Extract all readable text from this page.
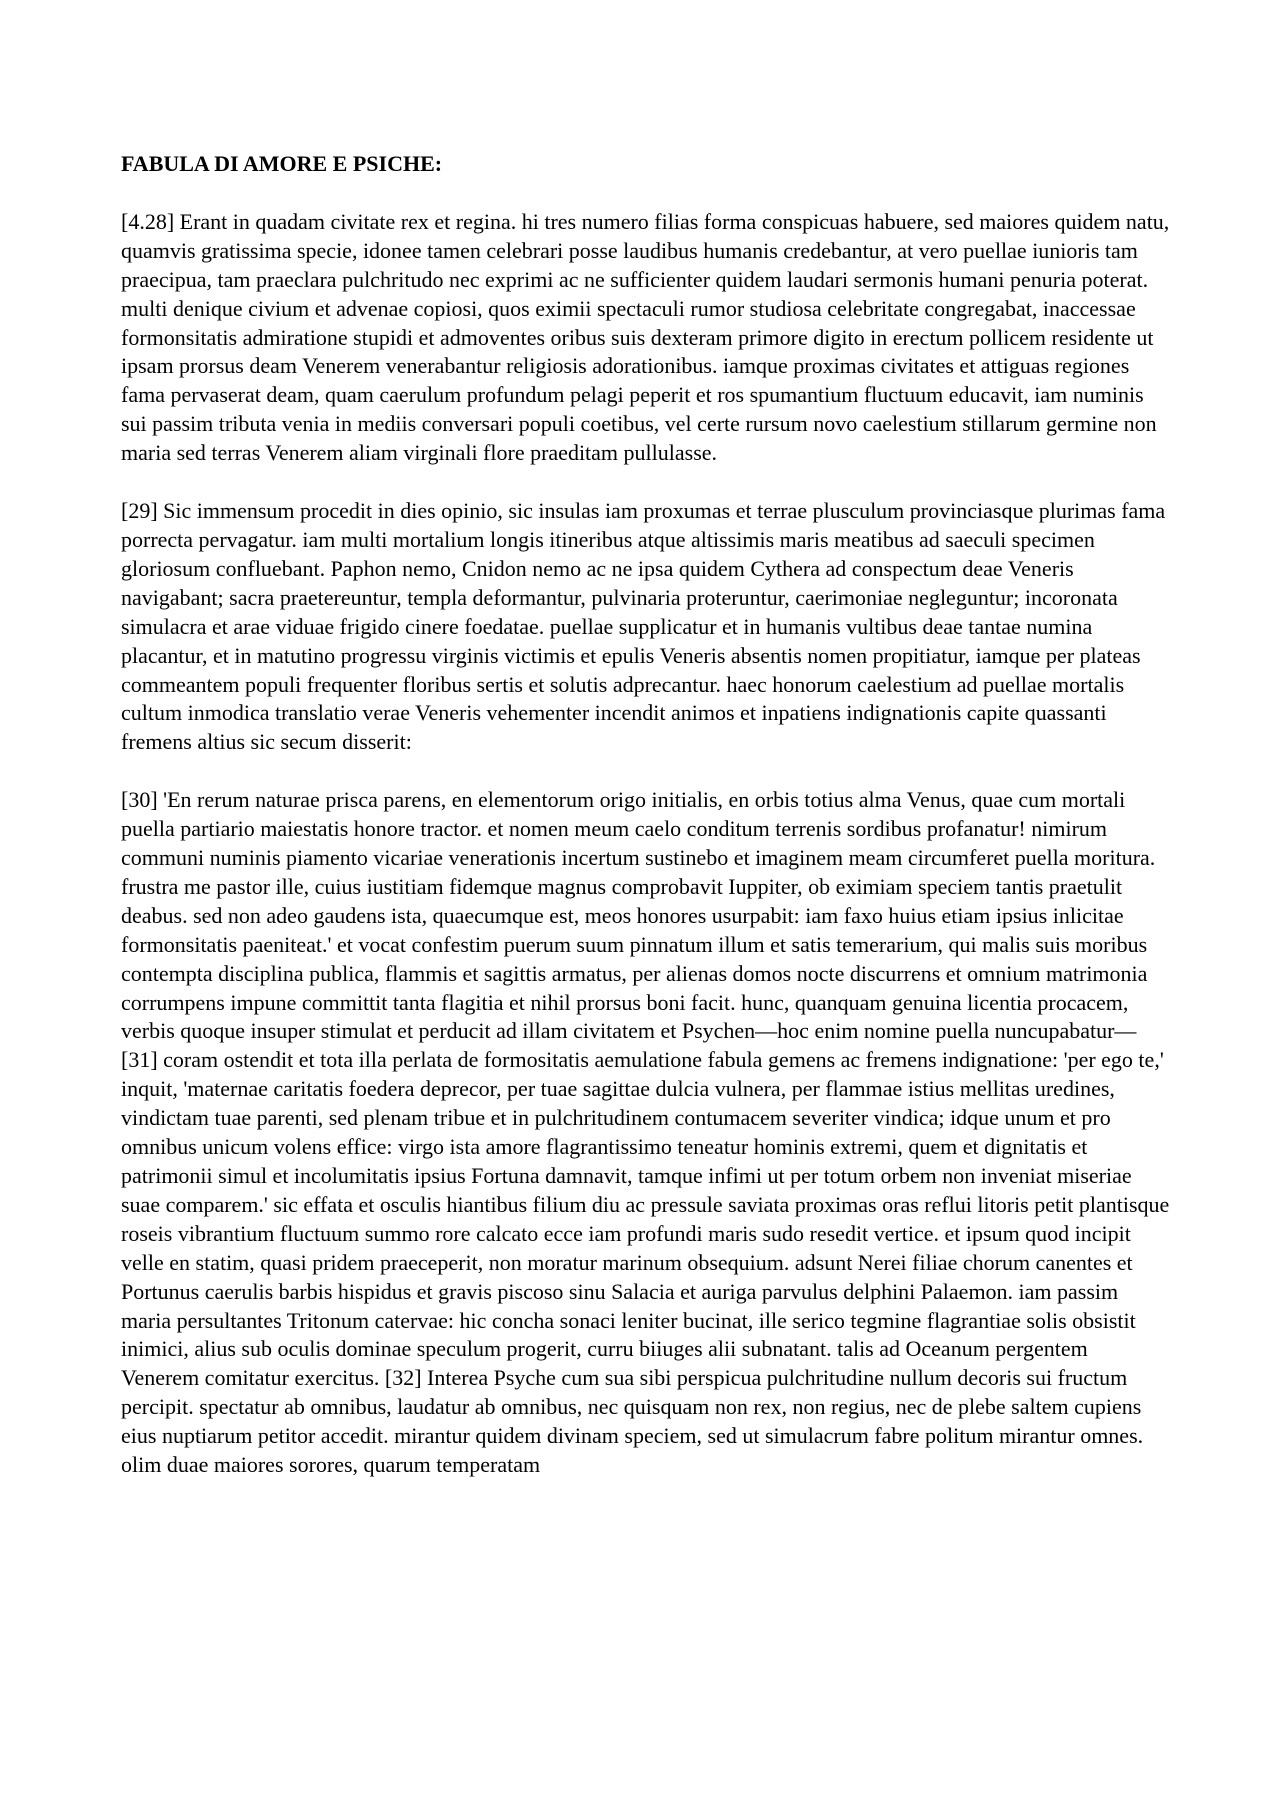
FABULA DI AMORE E PSICHE:

[4.28] Erant in quadam civitate rex et regina. hi tres numero filias forma conspicuas habuere, sed maiores quidem natu, quamvis gratissima specie, idonee tamen celebrari posse laudibus humanis credebantur, at vero puellae iunioris tam praecipua, tam praeclara pulchritudo nec exprimi ac ne sufficienter quidem laudari sermonis humani penuria poterat. multi denique civium et advenae copiosi, quos eximii spectaculi rumor studiosa celebritate congregabat, inaccessae formonsitatis admiratione stupidi et admoventes oribus suis dexteram primore digito in erectum pollicem residente ut ipsam prorsus deam Venerem venerabantur religiosis adorationibus. iamque proximas civitates et attiguas regiones fama pervaserat deam, quam caerulum profundum pelagi peperit et ros spumantium fluctuum educavit, iam numinis sui passim tributa venia in mediis conversari populi coetibus, vel certe rursum novo caelestium stillarum germine non maria sed terras Venerem aliam virginali flore praeditam pullulasse.

[29] Sic immensum procedit in dies opinio, sic insulas iam proxumas et terrae plusculum provinciasque plurimas fama porrecta pervagatur. iam multi mortalium longis itineribus atque altissimis maris meatibus ad saeculi specimen gloriosum confluebant. Paphon nemo, Cnidon nemo ac ne ipsa quidem Cythera ad conspectum deae Veneris navigabant; sacra praetereuntur, templa deformantur, pulvinaria proteruntur, caerimoniae negleguntur; incoronata simulacra et arae viduae frigido cinere foedatae. puellae supplicatur et in humanis vultibus deae tantae numina placantur, et in matutino progressu virginis victimis et epulis Veneris absentis nomen propitiatur, iamque per plateas commeantem populi frequenter floribus sertis et solutis adprecantur. haec honorum caelestium ad puellae mortalis cultum inmodica translatio verae Veneris vehementer incendit animos et inpatiens indignationis capite quassanti fremens altius sic secum disserit:

[30] 'En rerum naturae prisca parens, en elementorum origo initialis, en orbis totius alma Venus, quae cum mortali puella partiario maiestatis honore tractor. et nomen meum caelo conditum terrenis sordibus profanatur! nimirum communi numinis piamento vicariae venerationis incertum sustinebo et imaginem meam circumferet puella moritura. frustra me pastor ille, cuius iustitiam fidemque magnus comprobavit Iuppiter, ob eximiam speciem tantis praetulit deabus. sed non adeo gaudens ista, quaecumque est, meos honores usurpabit: iam faxo huius etiam ipsius inlicitae formonsitatis paeniteat.' et vocat confestim puerum suum pinnatum illum et satis temerarium, qui malis suis moribus contempta disciplina publica, flammis et sagittis armatus, per alienas domos nocte discurrens et omnium matrimonia corrumpens impune committit tanta flagitia et nihil prorsus boni facit. hunc, quanquam genuina licentia procacem, verbis quoque insuper stimulat et perducit ad illam civitatem et Psychen—hoc enim nomine puella nuncupabatur—[31] coram ostendit et tota illa perlata de formositatis aemulatione fabula gemens ac fremens indignatione: 'per ego te,' inquit, 'maternae caritatis foedera deprecor, per tuae sagittae dulcia vulnera, per flammae istius mellitas uredines, vindictam tuae parenti, sed plenam tribue et in pulchritudinem contumacem severiter vindica; idque unum et pro omnibus unicum volens effice: virgo ista amore flagrantissimo teneatur hominis extremi, quem et dignitatis et patrimonii simul et incolumitatis ipsius Fortuna damnavit, tamque infimi ut per totum orbem non inveniat miseriae suae comparem.' sic effata et osculis hiantibus filium diu ac pressule saviata proximas oras reflui litoris petit plantisque roseis vibrantium fluctuum summo rore calcato ecce iam profundi maris sudo resedit vertice. et ipsum quod incipit velle en statim, quasi pridem praeceperit, non moratur marinum obsequium. adsunt Nerei filiae chorum canentes et Portunus caerulis barbis hispidus et gravis piscoso sinu Salacia et auriga parvulus delphini Palaemon. iam passim maria persultantes Tritonum catervae: hic concha sonaci leniter bucinat, ille serico tegmine flagrantiae solis obsistit inimici, alius sub oculis dominae speculum progerit, curru biiuges alii subnatant. talis ad Oceanum pergentem Venerem comitatur exercitus. [32] Interea Psyche cum sua sibi perspicua pulchritudine nullum decoris sui fructum percipit. spectatur ab omnibus, laudatur ab omnibus, nec quisquam non rex, non regius, nec de plebe saltem cupiens eius nuptiarum petitor accedit. mirantur quidem divinam speciem, sed ut simulacrum fabre politum mirantur omnes. olim duae maiores sorores, quarum temperatam
